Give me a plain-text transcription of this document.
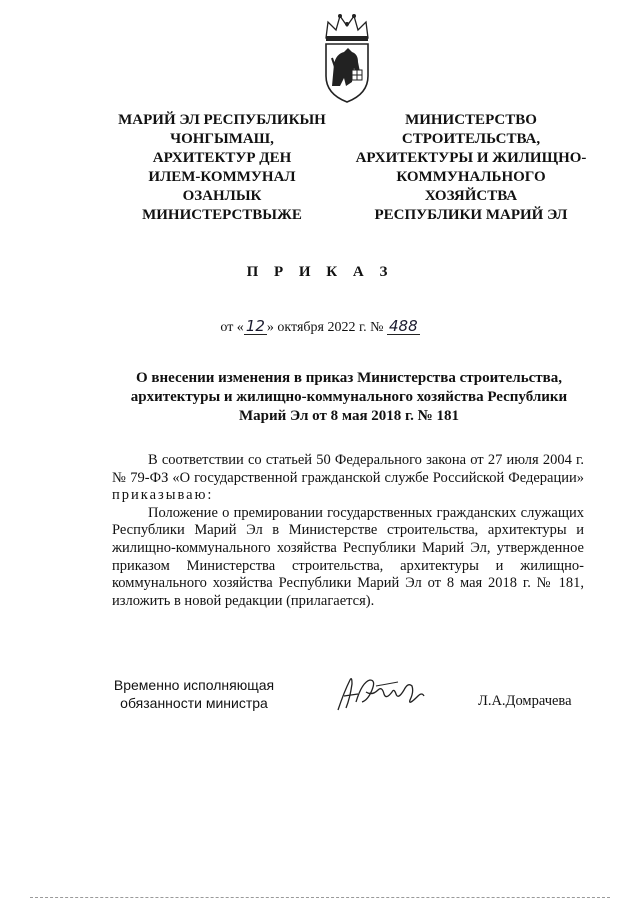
МАРИЙ ЭЛ РЕСПУБЛИКЫН
ЧОНГЫМАШ,
АРХИТЕКТУР ДЕН
ИЛЕМ-КОММУНАЛ
ОЗАНЛЫК
МИНИСТЕРСТВЫЖЕ
МИНИСТЕРСТВО
СТРОИТЕЛЬСТВА,
АРХИТЕКТУРЫ И ЖИЛИЩНО-
КОММУНАЛЬНОГО
ХОЗЯЙСТВА
РЕСПУБЛИКИ МАРИЙ ЭЛ
П Р И К А З
от « 12 » октября 2022 г. № 488
О внесении изменения в приказ Министерства строительства,
архитектуры и жилищно-коммунального хозяйства Республики
Марий Эл от 8 мая 2018 г. № 181

В соответствии со статьей 50 Федерального закона от 27 июля 2004 г. № 79-ФЗ «О государственной гражданской службе Российской Федерации» приказываю:

Положение о премировании государственных гражданских служащих Республики Марий Эл в Министерстве строительства, архитектуры и жилищно-коммунального хозяйства Республики Марий Эл, утвержденное приказом Министерства строительства, архитектуры и жилищно-коммунального хозяйства Республики Марий Эл от 8 мая 2018 г. № 181, изложить в новой редакции (прилагается).

Временно исполняющая
обязанности министра	Л.А.Домрачева
